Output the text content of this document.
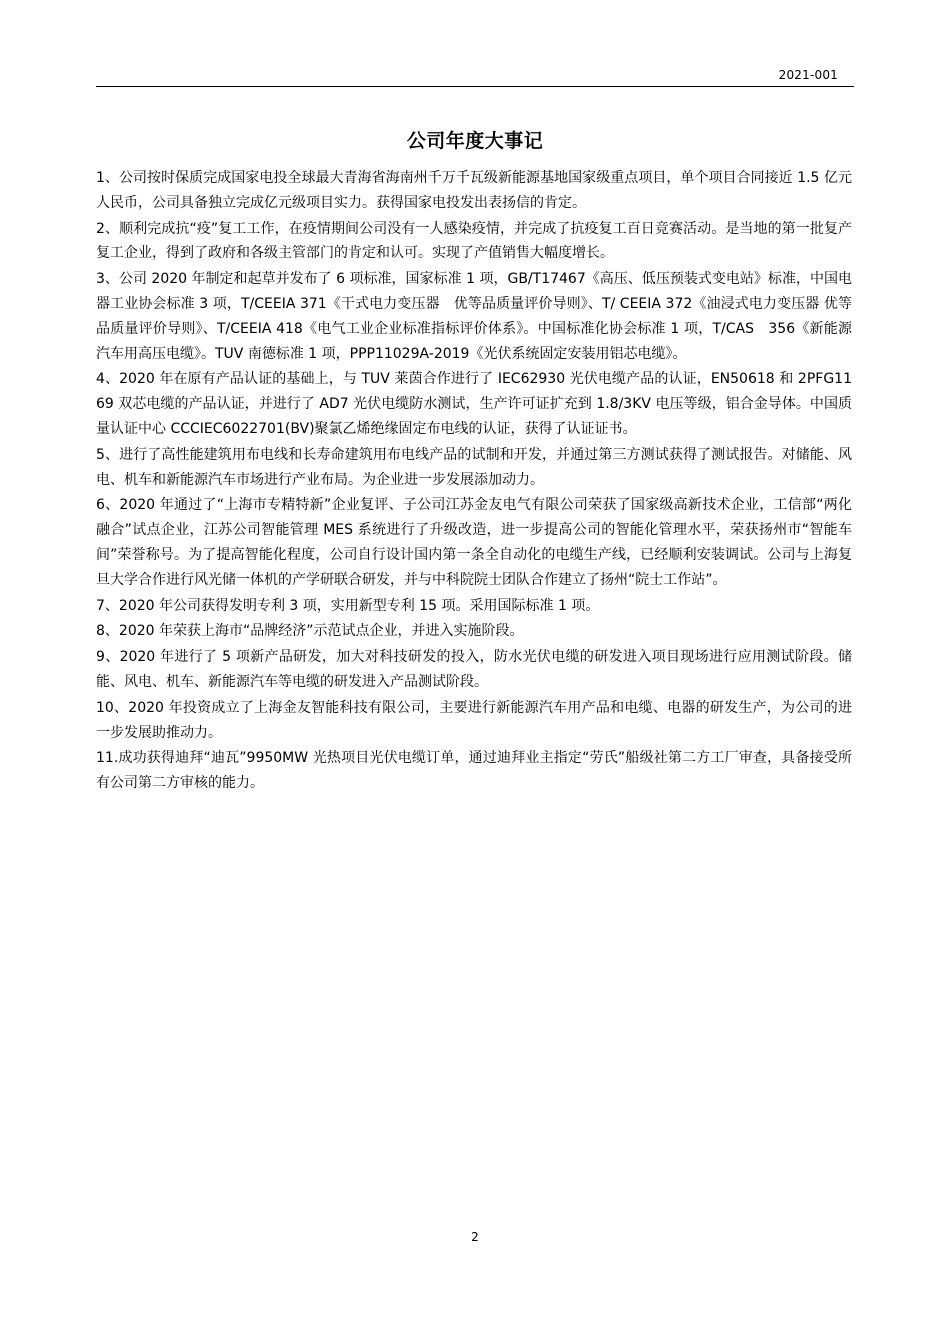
2021-001
公司年度大事记

1、公司按时保质完成国家电投全球最大青海省海南州千万千瓦级新能源基地国家级重点项目，单个项目合同接近 1.5 亿元人民币，公司具备独立完成亿元级项目实力。获得国家电投发出表扬信的肯定。

2、顺利完成抗“疫”复工工作，在疫情期间公司没有一人感染疫情，并完成了抗疫复工百日竞赛活动。是当地的第一批复产复工企业，得到了政府和各级主管部门的肯定和认可。实现了产值销售大幅度增长。

3、公司 2020 年制定和起草并发布了 6 项标准，国家标准 1 项，GB/T17467《高压、低压预装式变电站》标准，中国电器工业协会标准 3 项，T/CEEIA 371《干式电力变压器　优等品质量评价导则》、T/ CEEIA 372《油浸式电力变压器 优等品质量评价导则》、T/CEEIA 418《电气工业企业标准指标评价体系》。中国标准化协会标准 1 项，T/CAS　356《新能源汽车用高压电缆》。TUV 南德标准 1 项，PPP11029A-2019《光伏系统固定安装用铝芯电缆》。

4、2020 年在原有产品认证的基础上，与 TUV 莱茵合作进行了 IEC62930 光伏电缆产品的认证，EN50618 和 2PFG1169 双芯电缆的产品认证，并进行了 AD7 光伏电缆防水测试，生产许可证扩充到 1.8/3KV 电压等级，铝合金导体。中国质量认证中心 CCCIEC6022701(BV)聚氯乙烯绝缘固定布电线的认证，获得了认证证书。

5、进行了高性能建筑用布电线和长寿命建筑用布电线产品的试制和开发，并通过第三方测试获得了测试报告。对储能、风电、机车和新能源汽车市场进行产业布局。为企业进一步发展添加动力。

6、2020 年通过了“上海市专精特新”企业复评、子公司江苏金友电气有限公司荣获了国家级高新技术企业，工信部“两化融合”试点企业，江苏公司智能管理 MES 系统进行了升级改造，进一步提高公司的智能化管理水平，荣获扬州市“智能车间”荣誉称号。为了提高智能化程度，公司自行设计国内第一条全自动化的电缆生产线，已经顺利安装调试。公司与上海复旦大学合作进行风光储一体机的产学研联合研发，并与中科院院士团队合作建立了扬州“院士工作站”。

7、2020 年公司获得发明专利 3 项，实用新型专利 15 项。采用国际标准 1 项。

8、2020 年荣获上海市“品牌经济”示范试点企业，并进入实施阶段。

9、2020 年进行了 5 项新产品研发，加大对科技研发的投入，防水光伏电缆的研发进入项目现场进行应用测试阶段。储能、风电、机车、新能源汽车等电缆的研发进入产品测试阶段。

10、2020 年投资成立了上海金友智能科技有限公司，主要进行新能源汽车用产品和电缆、电器的研发生产，为公司的进一步发展助推动力。

11.成功获得迪拜“迪瓦”9950MW 光热项目光伏电缆订单，通过迪拜业主指定“劳氏”船级社第二方工厂审查，具备接受所有公司第二方审核的能力。

2
